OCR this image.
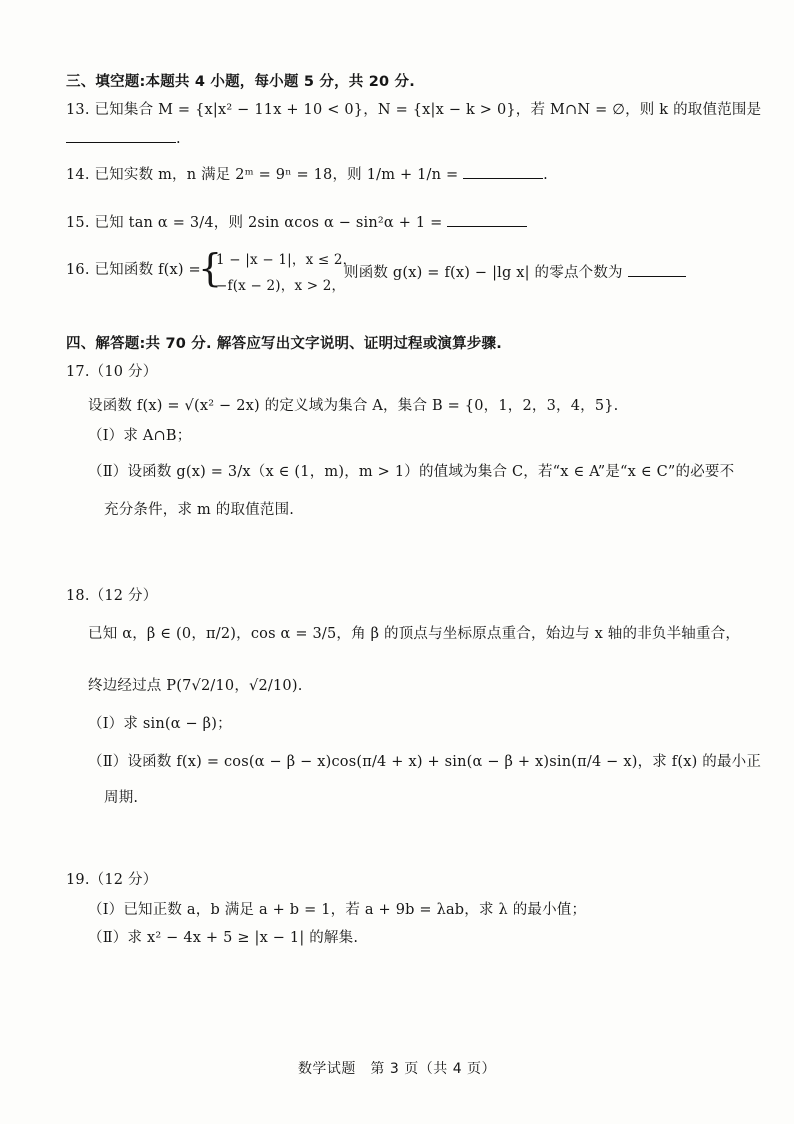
三、填空题:本题共 4 小题，每小题 5 分，共 20 分.
13. 已知集合 M = {x|x² − 11x + 10 < 0}，N = {x|x − k > 0}，若 M∩N = ∅，则 k 的取值范围是
.
14. 已知实数 m，n 满足 2ᵐ = 9ⁿ = 18，则 1/m + 1/n =	.
15. 已知 tan α = 3/4，则 2sin αcos α − sin²α + 1 =
16. 已知函数 f(x) =
{
1 − |x − 1|，x ≤ 2，
−f(x − 2)，x > 2，
则函数 g(x) = f(x) − |lg x| 的零点个数为
四、解答题:共 70 分. 解答应写出文字说明、证明过程或演算步骤.
17.（10 分）
设函数 f(x) = √(x² − 2x) 的定义域为集合 A，集合 B = {0，1，2，3，4，5}.
（Ⅰ）求 A∩B；
（Ⅱ）设函数 g(x) = 3/x（x ∈ (1，m)，m > 1）的值域为集合 C，若“x ∈ A”是“x ∈ C”的必要不
充分条件，求 m 的取值范围.
18.（12 分）
已知 α，β ∈ (0，π/2)，cos α = 3/5，角 β 的顶点与坐标原点重合，始边与 x 轴的非负半轴重合，
终边经过点 P(7√2/10，√2/10).
（Ⅰ）求 sin(α − β)；
（Ⅱ）设函数 f(x) = cos(α − β − x)cos(π/4 + x) + sin(α − β + x)sin(π/4 − x)，求 f(x) 的最小正
周期.
19.（12 分）
（Ⅰ）已知正数 a，b 满足 a + b = 1，若 a + 9b = λab，求 λ 的最小值；
（Ⅱ）求 x² − 4x + 5 ≥ |x − 1| 的解集.
数学试题　第 3 页（共 4 页）
